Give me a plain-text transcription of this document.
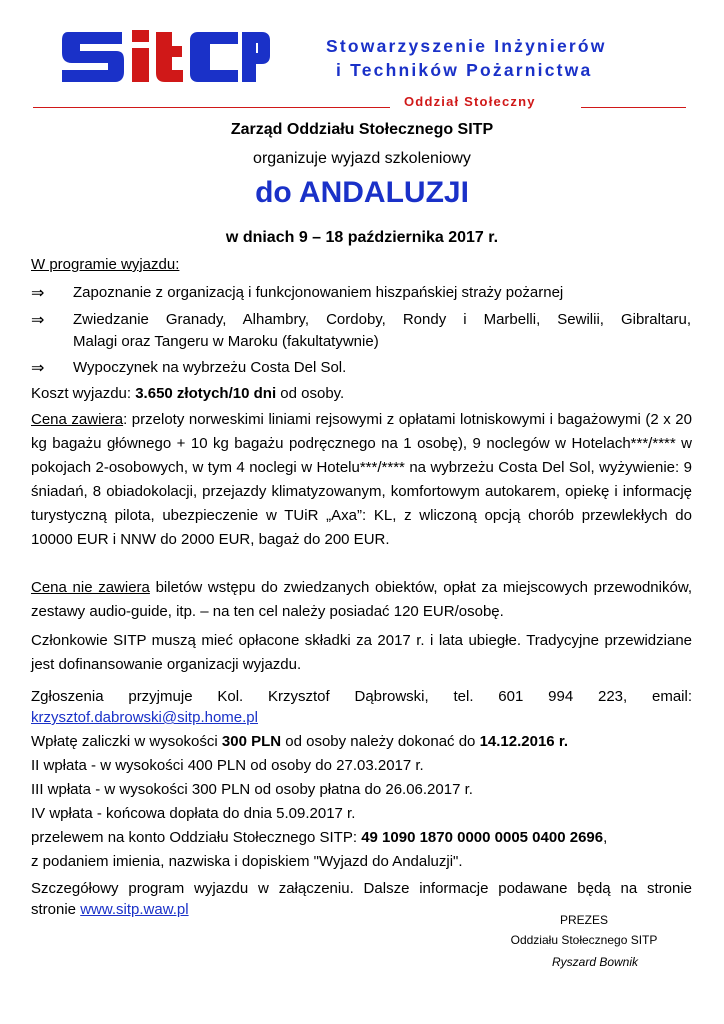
Stowarzyszenie Inżynierów
i Techników Pożarnictwa
Oddział Stołeczny
Zarząd Oddziału Stołecznego SITP
organizuje wyjazd szkoleniowy
do ANDALUZJI
w dniach 9 – 18 października 2017 r.
W programie wyjazdu:
⇒ Zapoznanie z organizacją i funkcjonowaniem hiszpańskiej straży pożarnej
⇒ Zwiedzanie Granady, Alhambry, Cordoby, Rondy i Marbelli, Sewilii, Gibraltaru,
Malagi oraz Tangeru w Maroku (fakultatywnie)
⇒ Wypoczynek na wybrzeżu Costa Del Sol.
Koszt wyjazdu: 3.650 złotych/10 dni od osoby.
Cena zawiera: przeloty norweskimi liniami rejsowymi z opłatami lotniskowymi i bagażowymi (2 x 20 kg bagażu głównego + 10 kg bagażu podręcznego na 1 osobę), 9 noclegów w Hotelach***/**** w pokojach 2-osobowych, w tym 4 noclegi w Hotelu***/**** na wybrzeżu Costa Del Sol, wyżywienie: 9 śniadań, 8 obiadokolacji, przejazdy klimatyzowanym, komfortowym autokarem, opiekę i informację turystyczną pilota, ubezpieczenie w TUiR „Axa”: KL, z wliczoną opcją chorób przewlekłych do 10000 EUR i NNW do 2000 EUR, bagaż do 200 EUR.
Cena nie zawiera biletów wstępu do zwiedzanych obiektów, opłat za miejscowych przewodników, zestawy audio-guide, itp. – na ten cel należy posiadać 120 EUR/osobę.
Członkowie SITP muszą mieć opłacone składki za 2017 r. i lata ubiegłe. Tradycyjne przewidziane jest dofinansowanie organizacji wyjazdu.
Zgłoszenia przyjmuje Kol. Krzysztof Dąbrowski, tel. 601 994 223, email:
krzysztof.dabrowski@sitp.home.pl
Wpłatę zaliczki w wysokości 300 PLN od osoby należy dokonać do 14.12.2016 r.
II wpłata - w wysokości 400 PLN od osoby do 27.03.2017 r.
III wpłata - w wysokości 300 PLN od osoby płatna do 26.06.2017 r.
IV wpłata - końcowa dopłata do dnia 5.09.2017 r.
przelewem na konto Oddziału Stołecznego SITP: 49 1090 1870 0000 0005 0400 2696,
z podaniem imienia, nazwiska i dopiskiem "Wyjazd do Andaluzji".
Szczegółowy program wyjazdu w załączeniu. Dalsze informacje podawane będą na stronie
stronie www.sitp.waw.pl
PREZES
Oddziału Stołecznego SITP
Ryszard Bownik
